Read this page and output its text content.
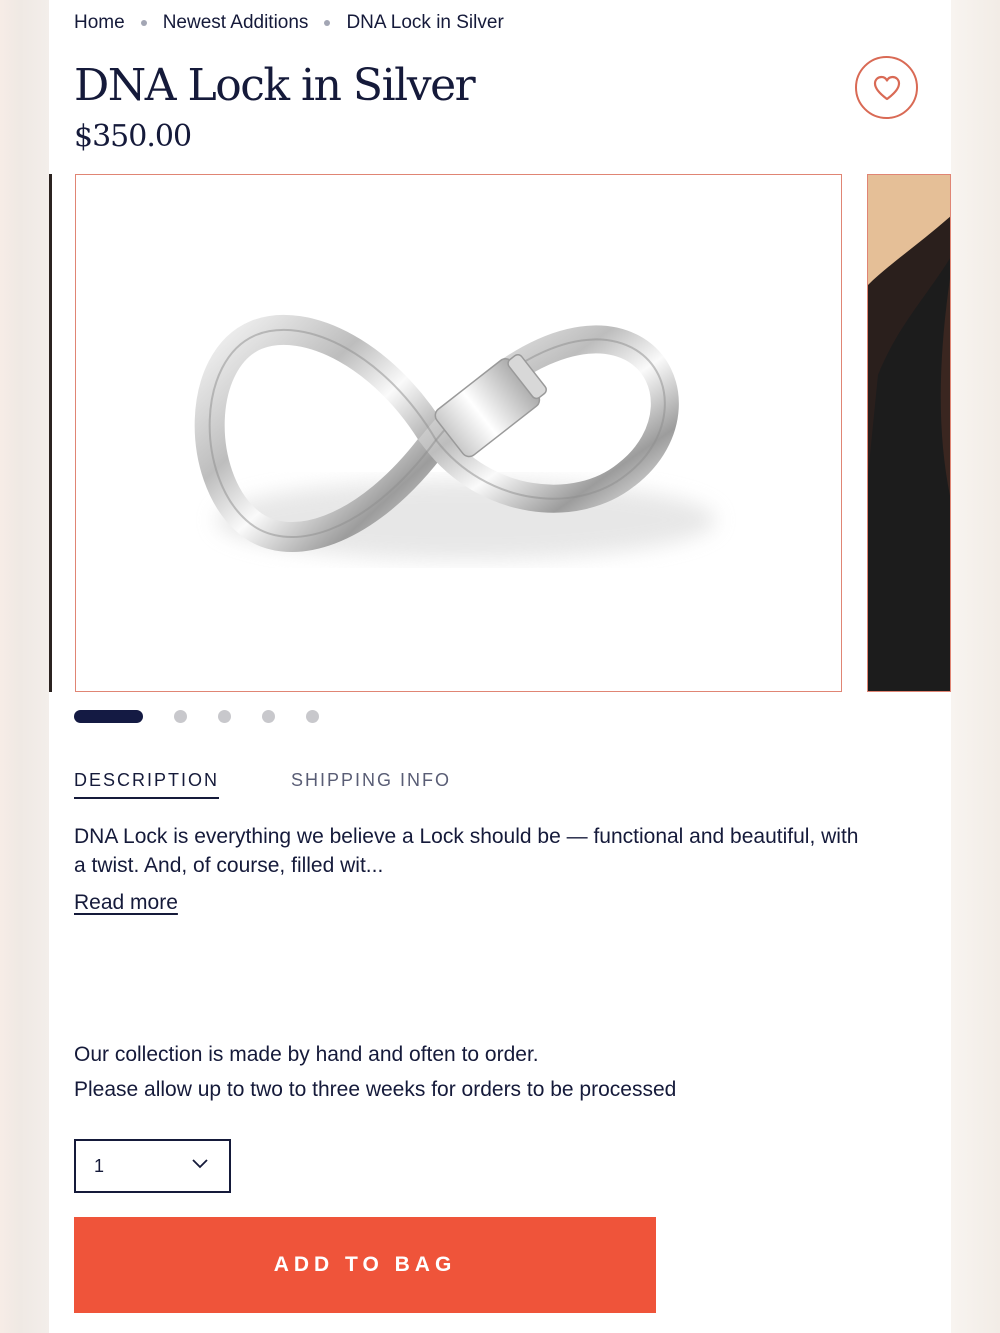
Home Newest Additions DNA Lock in Silver
DNA Lock in Silver
$350.00
DESCRIPTION	SHIPPING INFO

DNA Lock is everything we believe a Lock should be — functional and beautiful, with a twist. And, of course, filled wit...

Read more
Our collection is made by hand and often to order.
Please allow up to two to three weeks for orders to be processed
1
ADD TO BAG
